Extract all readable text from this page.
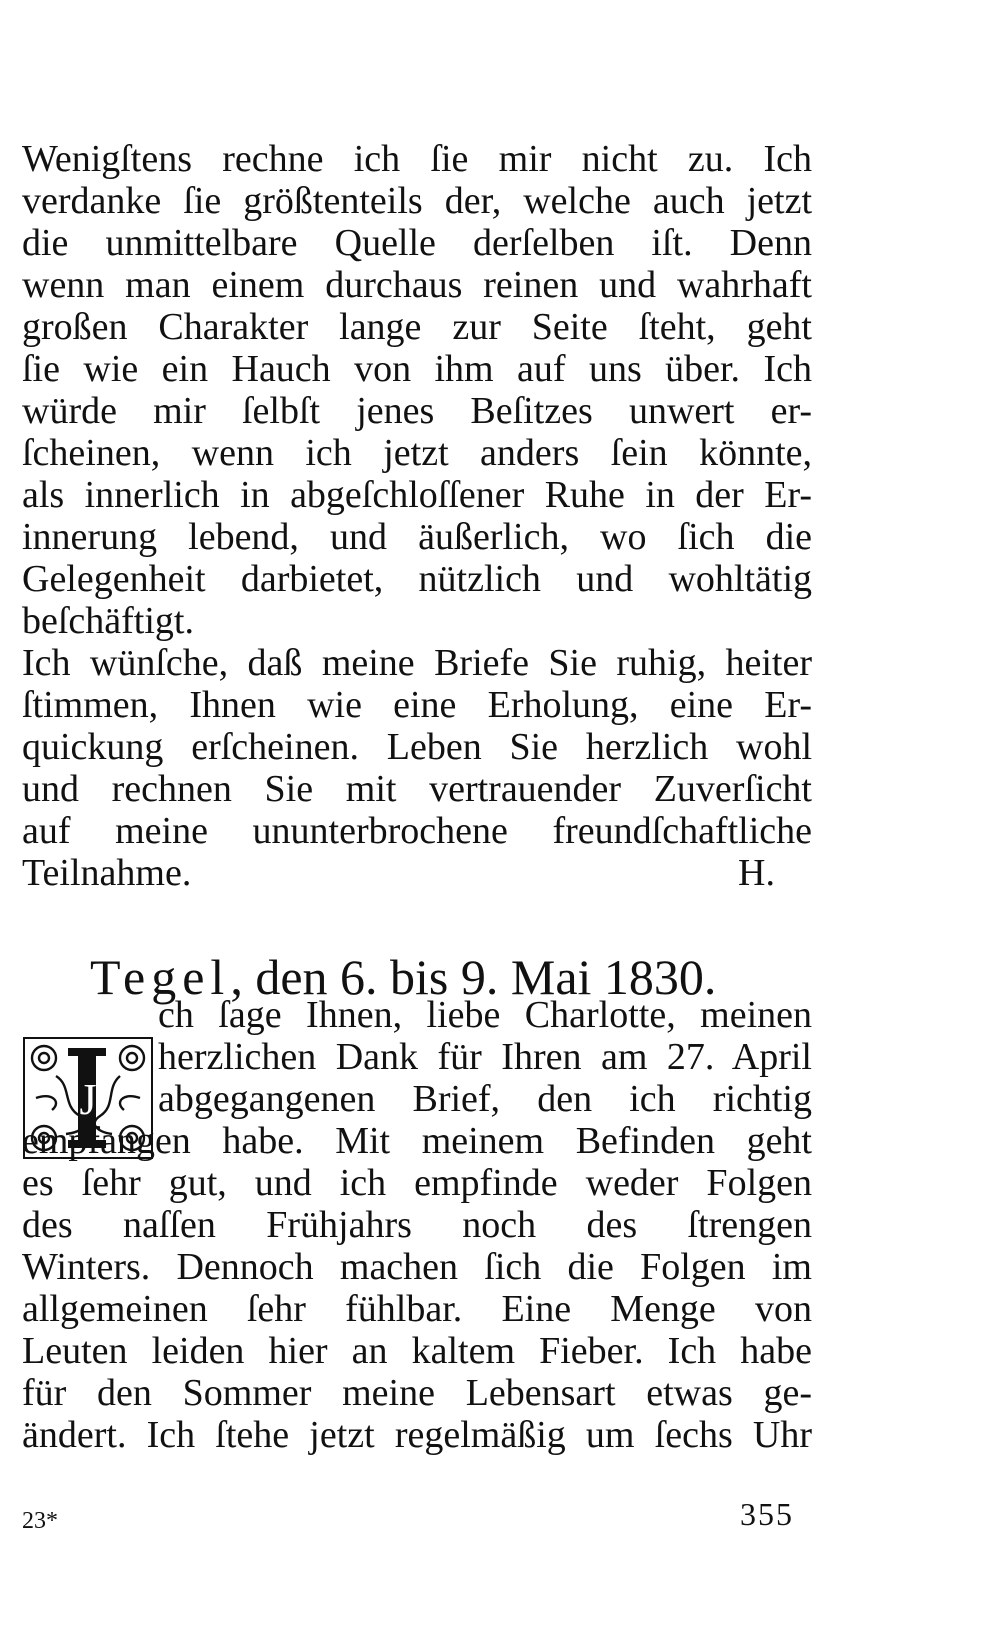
Wenigſtens rechne ich ſie mir nicht zu. Ich
verdanke ſie größtenteils der, welche auch jetzt
die unmittelbare Quelle derſelben iſt. Denn
wenn man einem durchaus reinen und wahrhaft
großen Charakter lange zur Seite ſteht, geht
ſie wie ein Hauch von ihm auf uns über. Ich
würde mir ſelbſt jenes Beſitzes unwert er-
ſcheinen, wenn ich jetzt anders ſein könnte,
als innerlich in abgeſchloſſener Ruhe in der Er-
innerung lebend, und äußerlich, wo ſich die
Gelegenheit darbietet, nützlich und wohltätig
beſchäftigt.
Ich wünſche, daß meine Briefe Sie ruhig, heiter
ſtimmen, Ihnen wie eine Erholung, eine Er-
quickung erſcheinen. Leben Sie herzlich wohl
und rechnen Sie mit vertrauender Zuverſicht
auf meine ununterbrochene freundſchaftliche
Teilnahme.	H.
Tegel, den 6. bis 9. Mai 1830.
J
ch ſage Ihnen, liebe Charlotte, meinen
herzlichen Dank für Ihren am 27. April
abgegangenen Brief, den ich richtig
empfangen habe. Mit meinem Befinden geht
es ſehr gut, und ich empfinde weder Folgen
des naſſen Frühjahrs noch des ſtrengen
Winters. Dennoch machen ſich die Folgen im
allgemeinen ſehr fühlbar. Eine Menge von
Leuten leiden hier an kaltem Fieber. Ich habe
für den Sommer meine Lebensart etwas ge-
ändert. Ich ſtehe jetzt regelmäßig um ſechs Uhr
23*	355
